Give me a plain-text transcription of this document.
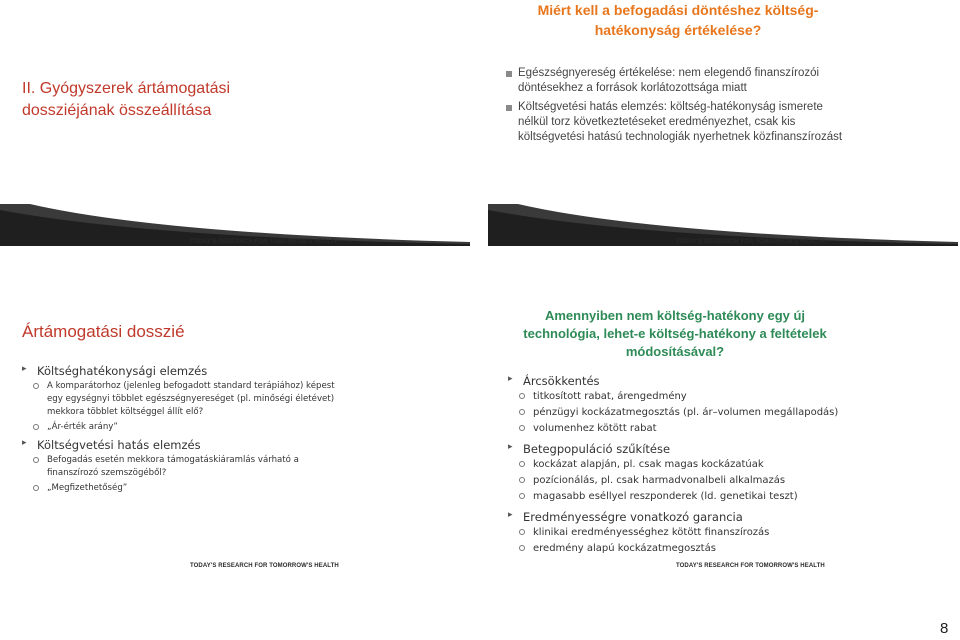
II. Gyógyszerek ártámogatási dossziéjának összeállítása
TODAY'S RESEARCH FOR TOMORROW'S HEALTH
Miért kell a befogadási döntéshez költség-
hatékonyság értékelése?
Egészségnyereség értékelése: nem elegendő finanszírozói döntésekhez a források korlátozottsága miatt
Költségvetési hatás elemzés: költség-hatékonyság ismerete nélkül torz következtetéseket eredményezhet, csak kis költségvetési hatású technologiák nyerhetnek közfinanszírozást
TODAY'S RESEARCH FOR TOMORROW'S HEALTH
Ártámogatási dosszié
▸ Költséghatékonysági elemzés
A komparátorhoz (jelenleg befogadott standard terápiához) képest egy egységnyi többlet egészségnyereséget (pl. minőségi életévet) mekkora többlet költséggel állít elő?
„Ár-érték arány”
▸ Költségvetési hatás elemzés
Befogadás esetén mekkora támogatáskiáramlás várható a finanszírozó szemszögéből?
„Megfizethetőség”
TODAY'S RESEARCH FOR TOMORROW'S HEALTH
Amennyiben nem költség-hatékony egy új
technológia, lehet-e költség-hatékony a feltételek
módosításával?
▸ Árcsökkentés
titkosított rabat, árengedmény
pénzügyi kockázatmegosztás (pl. ár–volumen megállapodás)
volumenhez kötött rabat
▸ Betegpopuláció szűkítése
kockázat alapján, pl. csak magas kockázatúak
pozícionálás, pl. csak harmadvonalbeli alkalmazás
magasabb eséllyel reszponderek (ld. genetikai teszt)
▸ Eredményességre vonatkozó garancia
klinikai eredményességhez kötött finanszírozás
eredmény alapú kockázatmegosztás
TODAY'S RESEARCH FOR TOMORROW'S HEALTH
8
